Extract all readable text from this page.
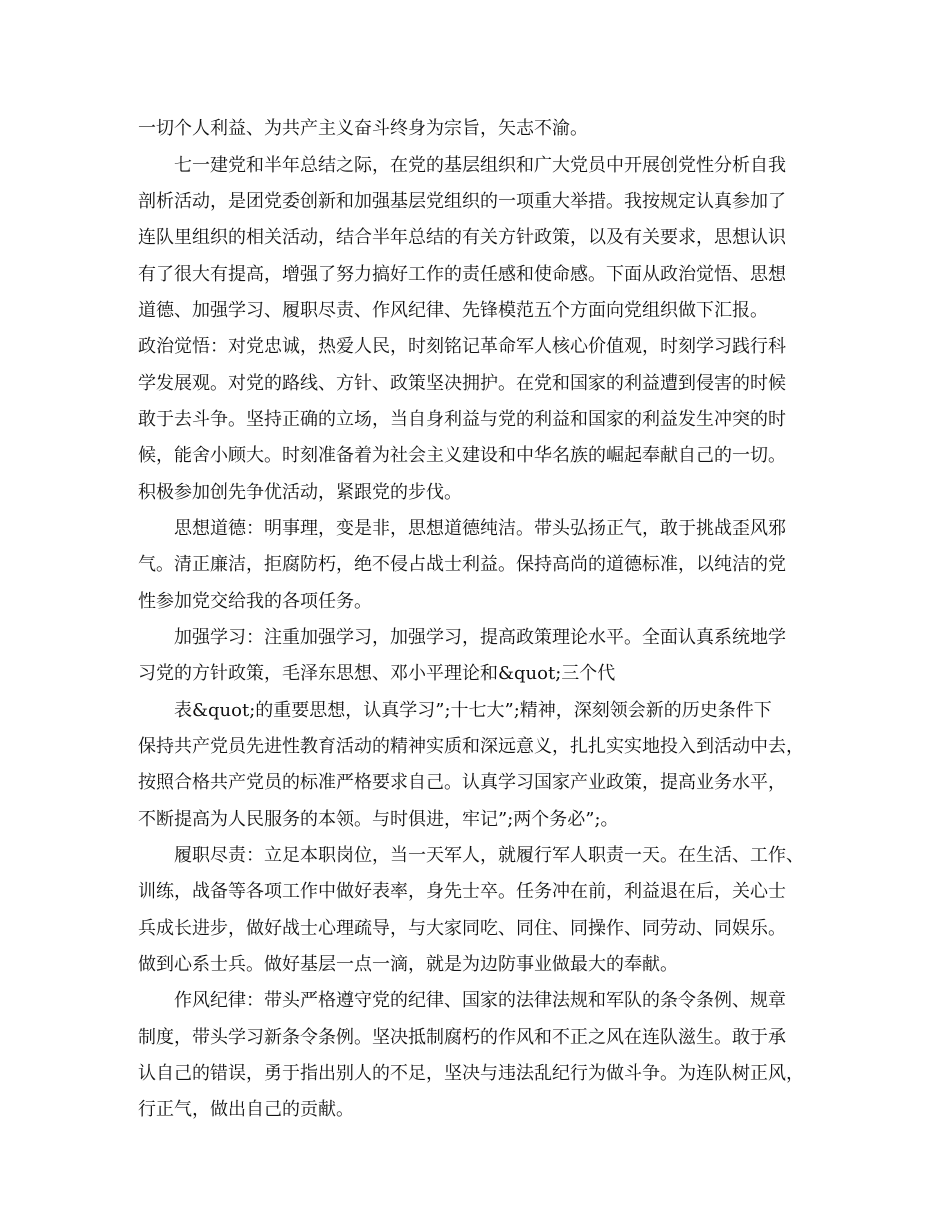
一切个人利益、为共产主义奋斗终身为宗旨，矢志不渝。
七一建党和半年总结之际，在党的基层组织和广大党员中开展创党性分析自我
剖析活动，是团党委创新和加强基层党组织的一项重大举措。我按规定认真参加了
连队里组织的相关活动，结合半年总结的有关方针政策，以及有关要求，思想认识
有了很大有提高，增强了努力搞好工作的责任感和使命感。下面从政治觉悟、思想
道德、加强学习、履职尽责、作风纪律、先锋模范五个方面向党组织做下汇报。
政治觉悟：对党忠诚，热爱人民，时刻铭记革命军人核心价值观，时刻学习践行科
学发展观。对党的路线、方针、政策坚决拥护。在党和国家的利益遭到侵害的时候
敢于去斗争。坚持正确的立场，当自身利益与党的利益和国家的利益发生冲突的时
候，能舍小顾大。时刻准备着为社会主义建设和中华名族的崛起奉献自己的一切。
积极参加创先争优活动，紧跟党的步伐。
思想道德：明事理，变是非，思想道德纯洁。带头弘扬正气，敢于挑战歪风邪
气。清正廉洁，拒腐防朽，绝不侵占战士利益。保持高尚的道德标准，以纯洁的党
性参加党交给我的各项任务。
加强学习：注重加强学习，加强学习，提高政策理论水平。全面认真系统地学
习党的方针政策，毛泽东思想、邓小平理论和&quot;三个代
表&quot;的重要思想，认真学习”;十七大”;精神，深刻领会新的历史条件下
保持共产党员先进性教育活动的精神实质和深远意义，扎扎实实地投入到活动中去，
按照合格共产党员的标准严格要求自己。认真学习国家产业政策，提高业务水平，
不断提高为人民服务的本领。与时俱进，牢记”;两个务必”;。
履职尽责：立足本职岗位，当一天军人，就履行军人职责一天。在生活、工作、
训练，战备等各项工作中做好表率，身先士卒。任务冲在前，利益退在后，关心士
兵成长进步，做好战士心理疏导，与大家同吃、同住、同操作、同劳动、同娱乐。
做到心系士兵。做好基层一点一滴，就是为边防事业做最大的奉献。
作风纪律：带头严格遵守党的纪律、国家的法律法规和军队的条令条例、规章
制度，带头学习新条令条例。坚决抵制腐朽的作风和不正之风在连队滋生。敢于承
认自己的错误，勇于指出别人的不足，坚决与违法乱纪行为做斗争。为连队树正风，
行正气，做出自己的贡献。
